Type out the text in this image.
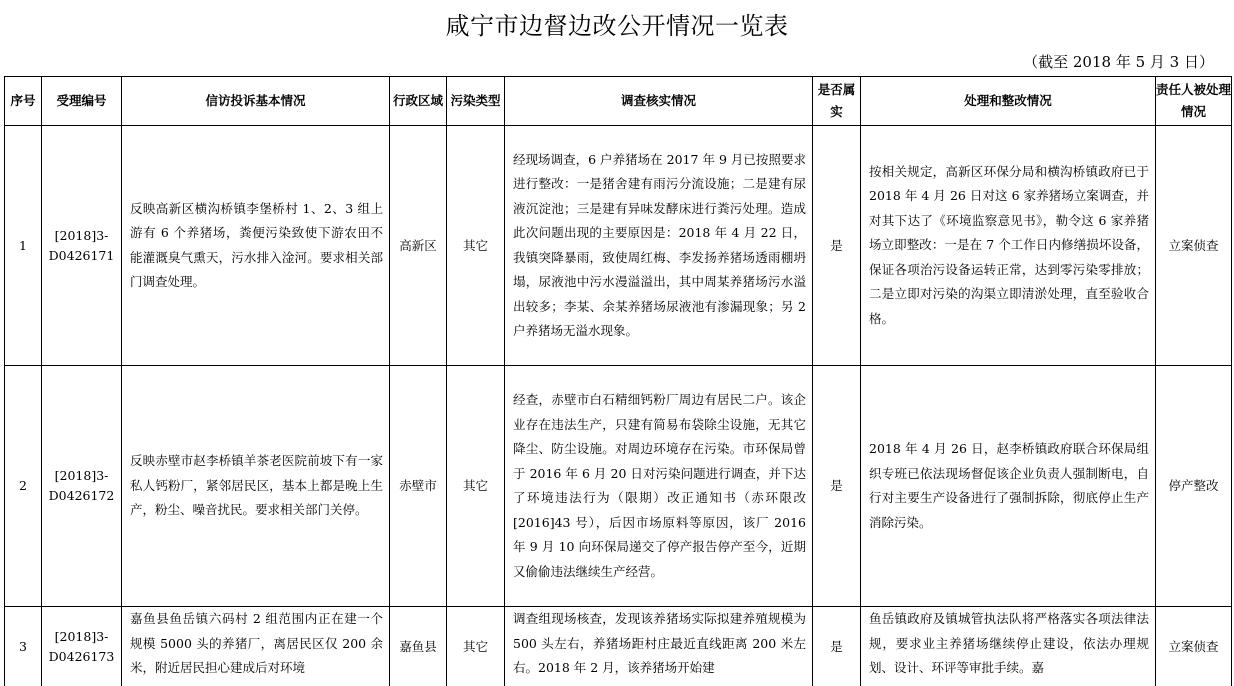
咸宁市边督边改公开情况一览表
（截至 2018 年 5 月 3 日）
序号	受理编号	信访投诉基本情况	行政区域	污染类型	调查核实情况	是否属实	处理和整改情况	责任人被处理情况
1	[2018]3-D0426171	反映高新区横沟桥镇李堡桥村 1、2、3 组上游有 6 个养猪场，粪便污染致使下游农田不能灌溉臭气熏天，污水排入淦河。要求相关部门调查处理。	高新区	其它	经现场调查，6 户养猪场在 2017 年 9 月已按照要求进行整改：一是猪舍建有雨污分流设施；二是建有尿液沉淀池；三是建有异味发酵床进行粪污处理。造成此次问题出现的主要原因是：2018 年 4 月 22 日，我镇突降暴雨，致使周红梅、李发扬养猪场透雨棚坍塌，尿液池中污水漫溢溢出，其中周某养猪场污水溢出较多；李某、余某养猪场尿液池有渗漏现象；另 2 户养猪场无溢水现象。	是	按相关规定，高新区环保分局和横沟桥镇政府已于 2018 年 4 月 26 日对这 6 家养猪场立案调查，并对其下达了《环境监察意见书》，勒令这 6 家养猪场立即整改：一是在 7 个工作日内修缮损坏设备，保证各项治污设备运转正常，达到零污染零排放；二是立即对污染的沟渠立即清淤处理，直至验收合格。	立案侦查
2	[2018]3-D0426172	反映赤壁市赵李桥镇羊茶老医院前坡下有一家私人钙粉厂，紧邻居民区，基本上都是晚上生产，粉尘、噪音扰民。要求相关部门关停。	赤壁市	其它	经查，赤壁市白石精细钙粉厂周边有居民二户。该企业存在违法生产，只建有简易布袋除尘设施，无其它降尘、防尘设施。对周边环境存在污染。市环保局曾于 2016 年 6 月 20 日对污染问题进行调查，并下达了环境违法行为（限期）改正通知书（赤环限改[2016]43 号），后因市场原料等原因，该厂 2016 年 9 月 10 向环保局递交了停产报告停产至今，近期又偷偷违法继续生产经营。	是	2018 年 4 月 26 日，赵李桥镇政府联合环保局组织专班已依法现场督促该企业负责人强制断电，自行对主要生产设备进行了强制拆除，彻底停止生产消除污染。	停产整改
3	[2018]3-D0426173	嘉鱼县鱼岳镇六码村 2 组范围内正在建一个规模 5000 头的养猪厂，离居民区仅 200 余米，附近居民担心建成后对环境	嘉鱼县	其它	调查组现场核查，发现该养猪场实际拟建养殖规模为 500 头左右，养猪场距村庄最近直线距离 200 米左右。2018 年 2 月，该养猪场开始建	是	鱼岳镇政府及镇城管执法队将严格落实各项法律法规，要求业主养猪场继续停止建设，依法办理规划、设计、环评等审批手续。嘉	立案侦查
